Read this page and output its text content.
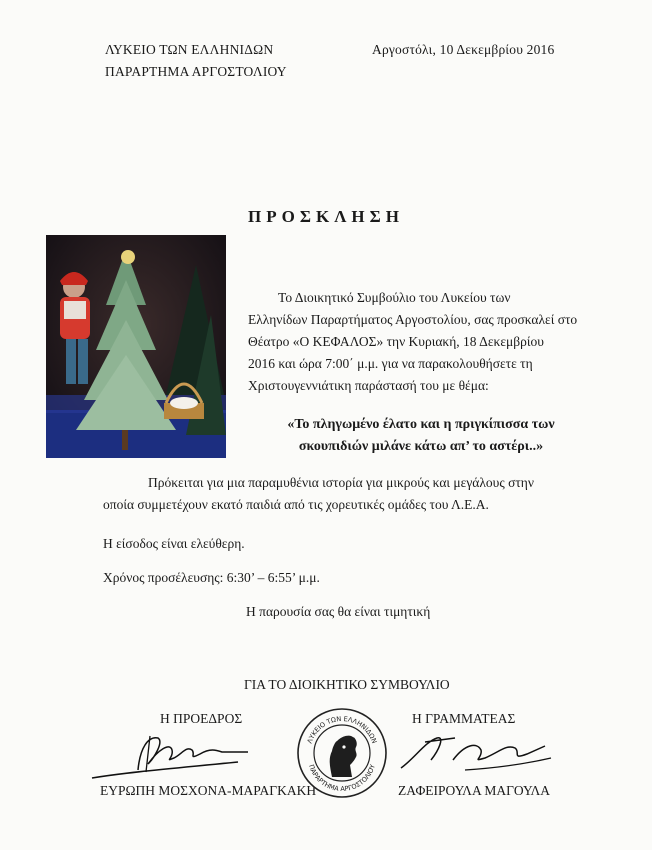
ΛΥΚΕΙΟ ΤΩΝ ΕΛΛΗΝΙΔΩΝ
ΠΑΡΑΡΤΗΜΑ ΑΡΓΟΣΤΟΛΙΟΥ
Αργοστόλι, 10 Δεκεμβρίου 2016
ΠΡΟΣΚΛΗΣΗ
Το Διοικητικό Συμβούλιο του Λυκείου των
Ελληνίδων Παραρτήματος Αργοστολίου, σας προσκαλεί στο
Θέατρο «Ο ΚΕΦΑΛΟΣ» την Κυριακή, 18 Δεκεμβρίου
2016 και ώρα 7:00΄ μ.μ. για να παρακολουθήσετε τη
Χριστουγεννιάτικη παράστασή του με θέμα:
«Το πληγωμένο έλατο και η πριγκίπισσα των
σκουπιδιών μιλάνε κάτω απ’ το αστέρι..»
Πρόκειται για μια παραμυθένια ιστορία για μικρούς και μεγάλους στην
οποία συμμετέχουν εκατό παιδιά από τις χορευτικές ομάδες του Λ.Ε.Α.
Η είσοδος είναι ελεύθερη.
Χρόνος προσέλευσης: 6:30’ – 6:55’ μ.μ.
Η παρουσία σας θα είναι τιμητική
ΓΙΑ ΤΟ ΔΙΟΙΚΗΤΙΚΟ ΣΥΜΒΟΥΛΙΟ
Η ΠΡΟΕΔΡΟΣ	Η ΓΡΑΜΜΑΤΕΑΣ
ΕΥΡΩΠΗ ΜΟΣΧΟΝΑ-ΜΑΡΑΓΚΑΚΗ	ΖΑΦΕΙΡΟΥΛΑ ΜΑΓΟΥΛΑ
ΛΥΚΕΙΟ ΤΩΝ ΕΛΛΗΝΙΔΩΝ
ΠΑΡΑΡΤΗΜΑ ΑΡΓΟΣΤΟΛΙΟΥ
